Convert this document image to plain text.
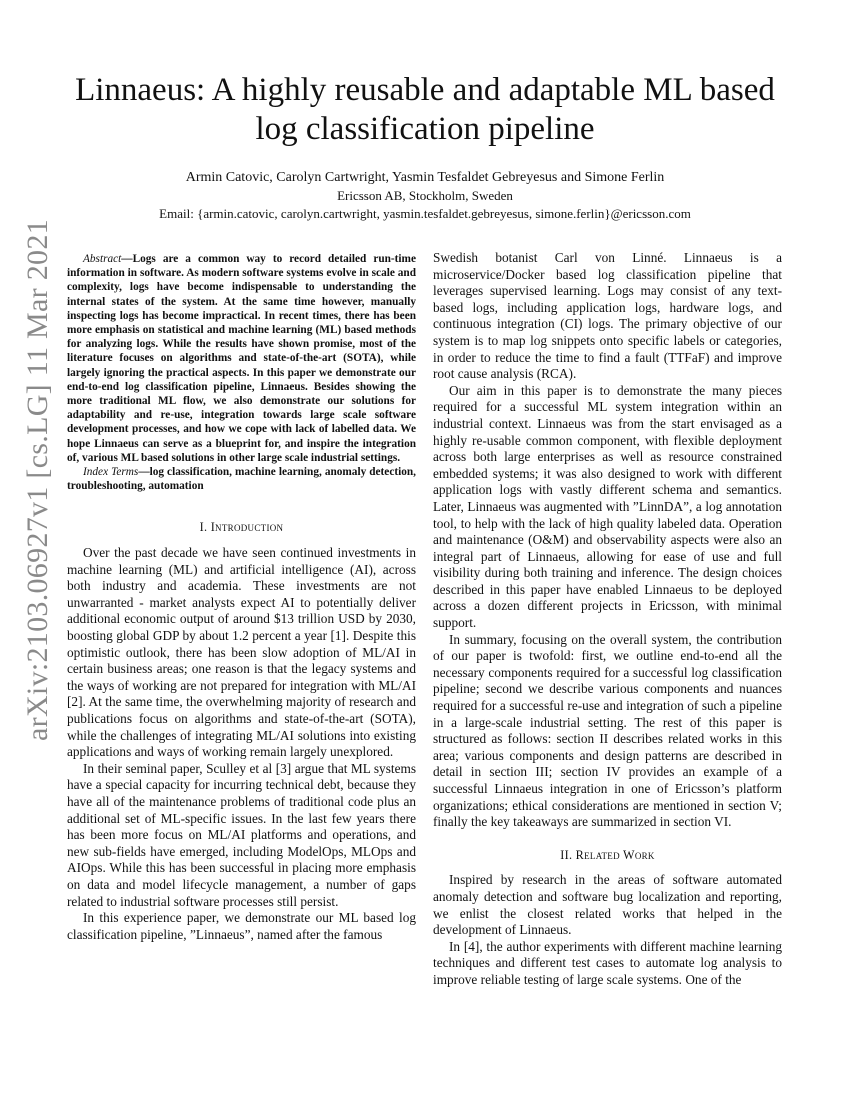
arXiv:2103.06927v1 [cs.LG] 11 Mar 2021
Linnaeus: A highly reusable and adaptable ML based log classification pipeline
Armin Catovic, Carolyn Cartwright, Yasmin Tesfaldet Gebreyesus and Simone Ferlin
Ericsson AB, Stockholm, Sweden
Email: {armin.catovic, carolyn.cartwright, yasmin.tesfaldet.gebreyesus, simone.ferlin}@ericsson.com

Abstract—Logs are a common way to record detailed run-time information in software. As modern software systems evolve in scale and complexity, logs have become indispensable to understanding the internal states of the system. At the same time however, manually inspecting logs has become impractical. In recent times, there has been more emphasis on statistical and machine learning (ML) based methods for analyzing logs. While the results have shown promise, most of the literature focuses on algorithms and state-of-the-art (SOTA), while largely ignoring the practical aspects. In this paper we demonstrate our end-to-end log classification pipeline, Linnaeus. Besides showing the more traditional ML flow, we also demonstrate our solutions for adaptability and re-use, integration towards large scale software development processes, and how we cope with lack of labelled data. We hope Linnaeus can serve as a blueprint for, and inspire the integration of, various ML based solutions in other large scale industrial settings.

Index Terms—log classification, machine learning, anomaly detection, troubleshooting, automation

I. Introduction

Over the past decade we have seen continued investments in machine learning (ML) and artificial intelligence (AI), across both industry and academia. These investments are not unwarranted - market analysts expect AI to potentially deliver additional economic output of around $13 trillion USD by 2030, boosting global GDP by about 1.2 percent a year [1]. Despite this optimistic outlook, there has been slow adoption of ML/AI in certain business areas; one reason is that the legacy systems and the ways of working are not prepared for integration with ML/AI [2]. At the same time, the overwhelming majority of research and publications focus on algorithms and state-of-the-art (SOTA), while the challenges of integrating ML/AI solutions into existing applications and ways of working remain largely unexplored.

In their seminal paper, Sculley et al [3] argue that ML systems have a special capacity for incurring technical debt, because they have all of the maintenance problems of traditional code plus an additional set of ML-specific issues. In the last few years there has been more focus on ML/AI platforms and operations, and new sub-fields have emerged, including ModelOps, MLOps and AIOps. While this has been successful in placing more emphasis on data and model lifecycle management, a number of gaps related to industrial software processes still persist.

In this experience paper, we demonstrate our ML based log classification pipeline, ”Linnaeus”, named after the famous

Swedish botanist Carl von Linné. Linnaeus is a microservice/Docker based log classification pipeline that leverages supervised learning. Logs may consist of any text-based logs, including application logs, hardware logs, and continuous integration (CI) logs. The primary objective of our system is to map log snippets onto specific labels or categories, in order to reduce the time to find a fault (TTFaF) and improve root cause analysis (RCA).

Our aim in this paper is to demonstrate the many pieces required for a successful ML system integration within an industrial context. Linnaeus was from the start envisaged as a highly re-usable common component, with flexible deployment across both large enterprises as well as resource constrained embedded systems; it was also designed to work with different application logs with vastly different schema and semantics. Later, Linnaeus was augmented with ”LinnDA”, a log annotation tool, to help with the lack of high quality labeled data. Operation and maintenance (O&M) and observability aspects were also an integral part of Linnaeus, allowing for ease of use and full visibility during both training and inference. The design choices described in this paper have enabled Linnaeus to be deployed across a dozen different projects in Ericsson, with minimal support.

In summary, focusing on the overall system, the contribution of our paper is twofold: first, we outline end-to-end all the necessary components required for a successful log classification pipeline; second we describe various components and nuances required for a successful re-use and integration of such a pipeline in a large-scale industrial setting. The rest of this paper is structured as follows: section II describes related works in this area; various components and design patterns are described in detail in section III; section IV provides an example of a successful Linnaeus integration in one of Ericsson’s platform organizations; ethical considerations are mentioned in section V; finally the key takeaways are summarized in section VI.

II. Related Work

Inspired by research in the areas of software automated anomaly detection and software bug localization and reporting, we enlist the closest related works that helped in the development of Linnaeus.

In [4], the author experiments with different machine learning techniques and different test cases to automate log analysis to improve reliable testing of large scale systems. One of the
